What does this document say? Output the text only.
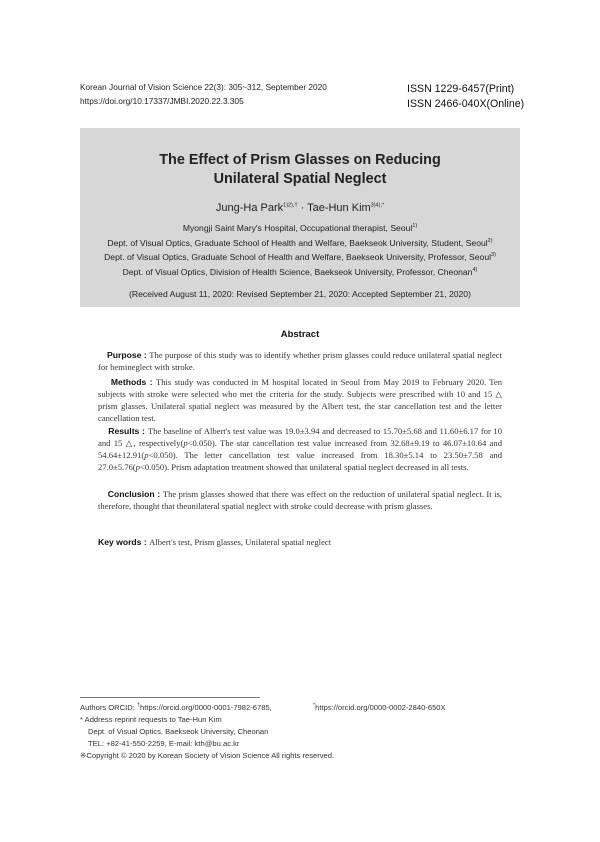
Korean Journal of Vision Science 22(3): 305~312, September 2020
https://doi.org/10.17337/JMBI.2020.22.3.305
ISSN 1229-6457(Print)
ISSN 2466-040X(Online)
The Effect of Prism Glasses on Reducing
Unilateral Spatial Neglect
Jung-Ha Park$^{1)2),\dagger}$ · Tae-Hun Kim$^{3)4),*}$
Myongji Saint Mary's Hospital, Occupational therapist, Seoul$^{1)}$
Dept. of Visual Optics, Graduate School of Health and Welfare, Baekseok University, Student, Seoul$^{2)}$
Dept. of Visual Optics, Graduate School of Health and Welfare, Baekseok University, Professor, Seoul$^{3)}$
Dept. of Visual Optics, Division of Health Science, Baekseok University, Professor, Cheonan$^{4)}$
(Received August 11, 2020: Revised September 21, 2020: Accepted September 21, 2020)
Abstract
Purpose : The purpose of this study was to identify whether prism glasses could reduce unilateral spatial neglect for hemineglect with stroke.
Methods : This study was conducted in M hospital located in Seoul from May 2019 to February 2020. Ten subjects with stroke were selected who met the criteria for the study. Subjects were prescribed with 10 and 15 △ prism glasses. Unilateral spatial neglect was measured by the Albert test, the star cancellation test and the letter cancellation test.
Results : The baseline of Albert's test value was 19.0±3.94 and decreased to 15.70±5.68 and 11.60±6.17 for 10 and 15 △, respectively(p<0.050). The star cancellation test value increased from 32.68±9.19 to 46.07±10.64 and 54.64±12.91(p<0.050). The letter cancellation test value increased from 18.30±5.14 to 23.50±7.58 and 27.0±5.76(p<0.050). Prism adaptation treatment showed that unilateral spatial neglect decreased in all tests.
Conclusion : The prism glasses showed that there was effect on the reduction of unilateral spatial neglect. It is, therefore, thought that theunilateral spatial neglect with stroke could decrease with prism glasses.
Key words : Albert's test, Prism glasses, Unilateral spatial neglect
Authors ORCID: †https://orcid.org/0000-0001-7982-6785,	*https://orcid.org/0000-0002-2840-650X
* Address reprint requests to Tae-Hun Kim
Dept. of Visual Optics, Baekseok University, Cheonan
TEL: +82-41-550-2259, E-mail: kth@bu.ac.kr
※Copyright © 2020 by Korean Society of Vision Science All rights reserved.
